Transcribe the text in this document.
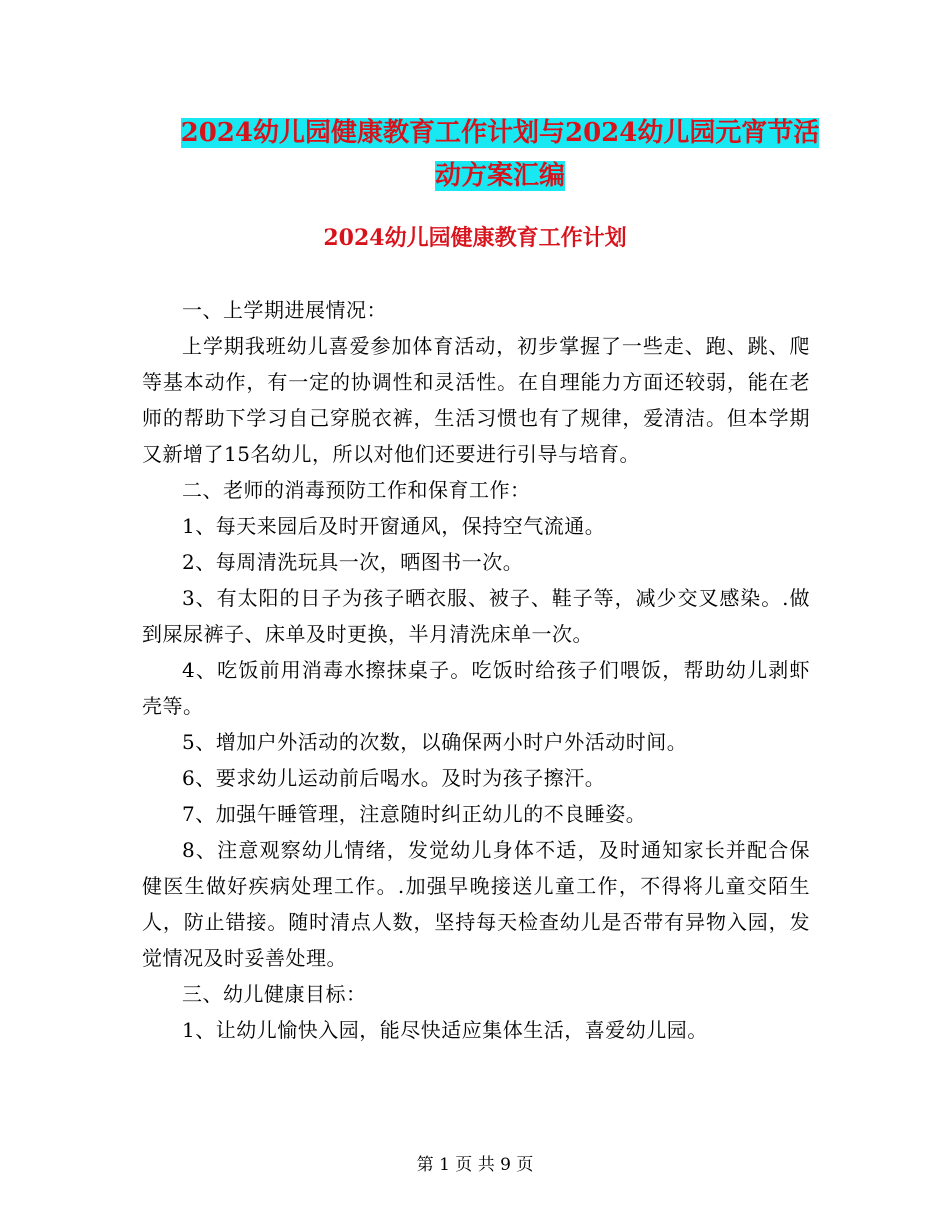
2024幼儿园健康教育工作计划与2024幼儿园元宵节活
动方案汇编
2024幼儿园健康教育工作计划

一、上学期进展情况：

上学期我班幼儿喜爱参加体育活动，初步掌握了一些走、跑、跳、爬等基本动作，有一定的协调性和灵活性。在自理能力方面还较弱，能在老师的帮助下学习自己穿脱衣裤，生活习惯也有了规律，爱清洁。但本学期又新增了15名幼儿，所以对他们还要进行引导与培育。

二、老师的消毒预防工作和保育工作：

1、每天来园后及时开窗通风，保持空气流通。

2、每周清洗玩具一次，晒图书一次。

3、有太阳的日子为孩子晒衣服、被子、鞋子等，减少交叉感染。.做到屎尿裤子、床单及时更换，半月清洗床单一次。

4、吃饭前用消毒水擦抹桌子。吃饭时给孩子们喂饭，帮助幼儿剥虾壳等。

5、增加户外活动的次数，以确保两小时户外活动时间。

6、要求幼儿运动前后喝水。及时为孩子擦汗。

7、加强午睡管理，注意随时纠正幼儿的不良睡姿。

8、注意观察幼儿情绪，发觉幼儿身体不适，及时通知家长并配合保健医生做好疾病处理工作。.加强早晚接送儿童工作，不得将儿童交陌生人，防止错接。随时清点人数，坚持每天检查幼儿是否带有异物入园，发觉情况及时妥善处理。

三、幼儿健康目标：

1、让幼儿愉快入园，能尽快适应集体生活，喜爱幼儿园。

第 1 页 共 9 页
